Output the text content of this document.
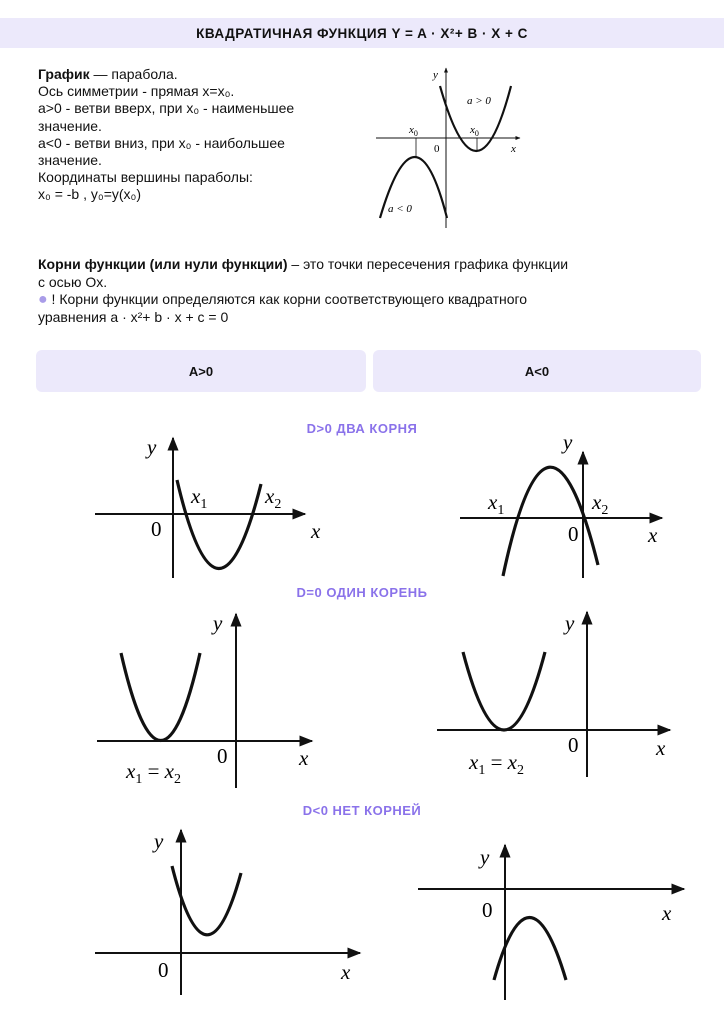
КВАДРАТИЧНАЯ ФУНКЦИЯ Y = A · X²+ B · X + C
График — парабола.
Ось симметрии - прямая x=x₀.
a>0 - ветви вверх, при x₀ - наименьшее
значение.
a<0 - ветви вниз, при x₀ - наибольшее
значение.
Координаты вершины параболы:
x₀ = -b , y₀=y(x₀)
Корни функции (или нули функции) – это точки пересечения графика функции
с осью Ox.
● ! Корни функции определяются как корни соответствующего квадратного
уравнения a · x²+ b · x + c = 0
A>0	A<0
D>0 ДВА КОРНЯ
D=0 ОДИН КОРЕНЬ
D<0 НЕТ КОРНЕЙ
y
x
0
$x_0$	$x_0$
a > 0
a < 0
y
x
0
$x_1$	$x_2$
y
x
0
$x_1$	$x_2$
y
x
0
$x_1 = x_2$
y
x
0
$x_1 = x_2$
y
x
0
y
x
0
